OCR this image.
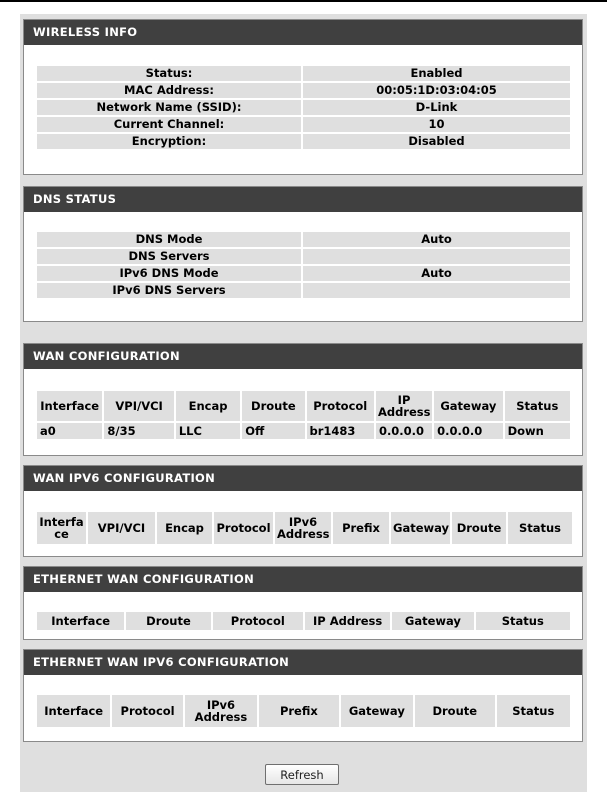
WIRELESS INFO
Status:	Enabled
MAC Address:	00:05:1D:03:04:05
Network Name (SSID):	D-Link
Current Channel:	10
Encryption:	Disabled
DNS STATUS
DNS Mode	Auto
DNS Servers	
IPv6 DNS Mode	Auto
IPv6 DNS Servers	
WAN CONFIGURATION
Interface	VPI/VCI	Encap	Droute	Protocol	IP Address	Gateway	Status
a0	8/35	LLC	Off	br1483	0.0.0.0	0.0.0.0	Down
WAN IPV6 CONFIGURATION
Interface	VPI/VCI	Encap	Protocol	IPv6 Address	Prefix	Gateway	Droute	Status
ETHERNET WAN CONFIGURATION
Interface	Droute	Protocol	IP Address	Gateway	Status
ETHERNET WAN IPV6 CONFIGURATION
Interface	Protocol	IPv6 Address	Prefix	Gateway	Droute	Status
Refresh
